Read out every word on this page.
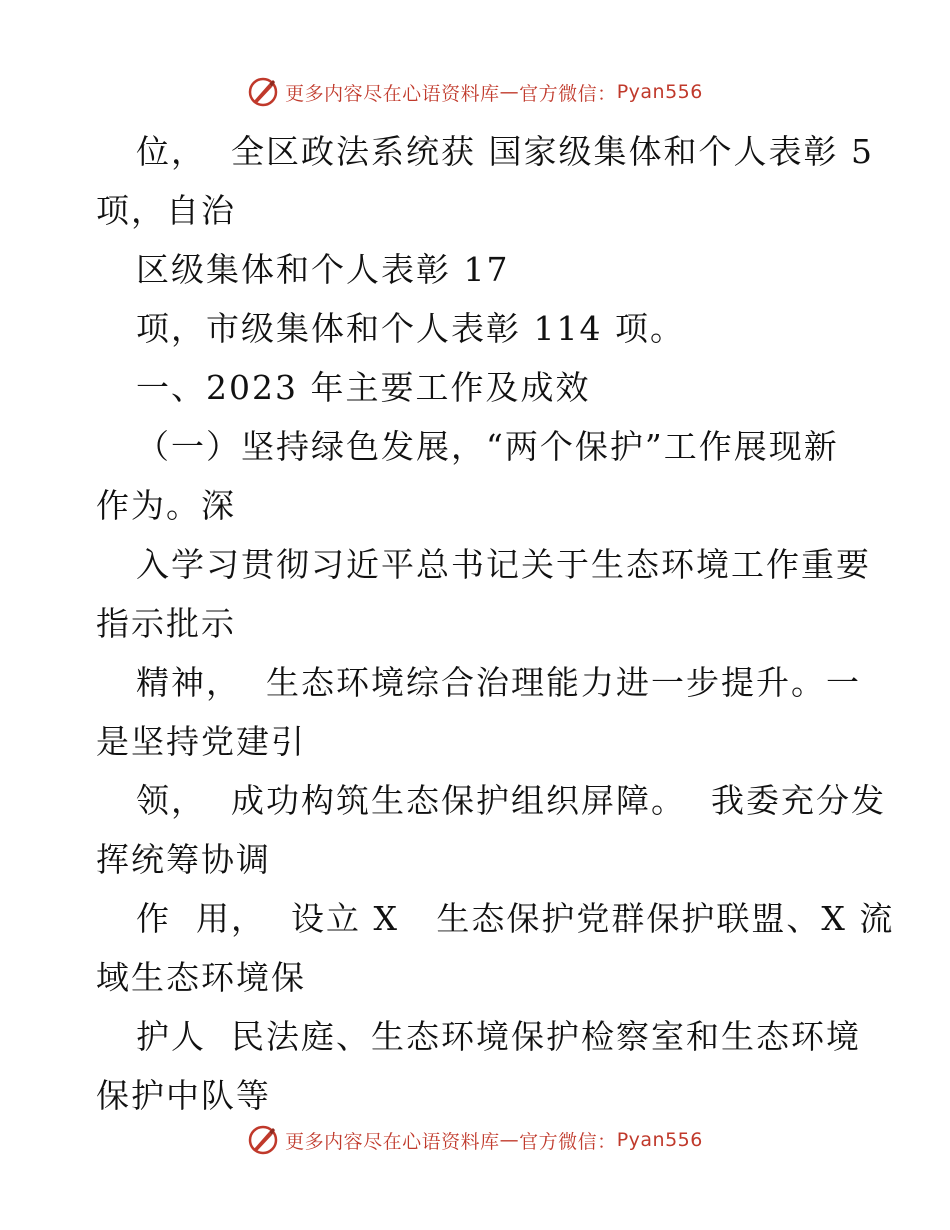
更多内容尽在心语资料库 — 官方微信： Pyan556
位，  全区政法系统获 国家级集体和个人表彰 5
项，自治
区级集体和个人表彰 17
项，市级集体和个人表彰 114 项。
一、2023 年主要工作及成效
（一）坚持绿色发展，“两个保护”工作展现新
作为。深
入学习贯彻习近平总书记关于生态环境工作重要
指示批示
精神，  生态环境综合治理能力进一步提升。一
是坚持党建引
领，  成功构筑生态保护组织屏障。  我委充分发
挥统筹协调
作  用，  设立 X   生态保护党群保护联盟、X 流
域生态环境保
护人  民法庭、生态环境保护检察室和生态环境
保护中队等
更多内容尽在心语资料库 — 官方微信： Pyan556
